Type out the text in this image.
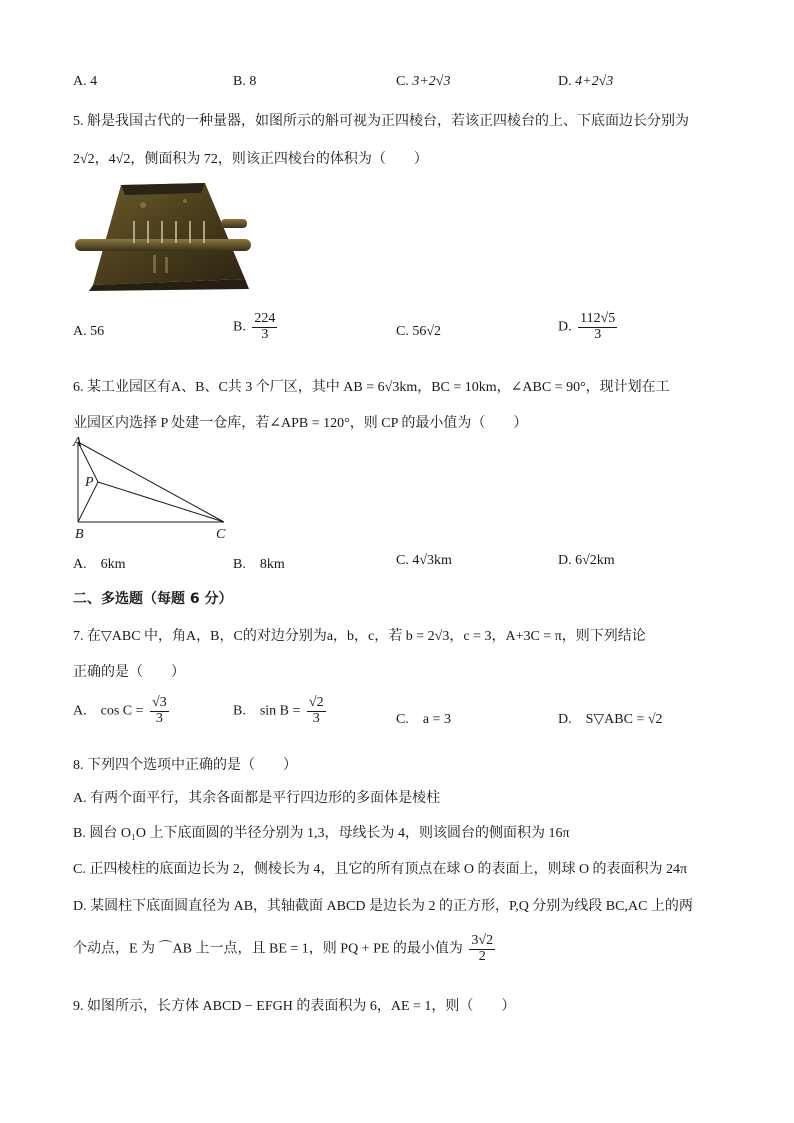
A. 4	B. 8	C. 3+2√3	D. 4+2√3
5. 斛是我国古代的一种量器，如图所示的斛可视为正四棱台，若该正四棱台的上、下底面边长分别为
2√2，4√2，侧面积为 72，则该正四棱台的体积为（　　）
A. 56	B. $\frac{224}{3}$	C. 56√2	D. $\frac{112√5}{3}$
6. 某工业园区有A、B、C共 3 个厂区，其中 AB = 6√3km，BC = 10km，∠ABC = 90°，现计划在工
业园区内选择 P 处建一仓库，若∠APB = 120°，则 CP 的最小值为（　　）
A
P
B	C
A.　6km	B.　8km	C. 4√3km	D. 6√2km
二、多选题（每题 6 分）
7. 在▽ABC 中，角A，B，C的对边分别为a，b，c，若 b = 2√3，c = 3，A+3C = π，则下列结论
正确的是（　　）
A.　$\cos C = \frac{√3}{3}$	B.　$\sin B = \frac{√2}{3}$	C.　a = 3	D.　S▽ABC = √2
8. 下列四个选项中正确的是（　　）
A. 有两个面平行，其余各面都是平行四边形的多面体是棱柱
B. 圆台 O₁O 上下底面圆的半径分别为 1,3，母线长为 4，则该圆台的侧面积为 16π
C. 正四棱柱的底面边长为 2，侧棱长为 4，且它的所有顶点在球 O 的表面上，则球 O 的表面积为 24π
D. 某圆柱下底面圆直径为 AB，其轴截面 ABCD 是边长为 2 的正方形，P,Q 分别为线段 BC,AC 上的两
个动点，E 为 ⌒AB 上一点，且 BE = 1，则 PQ + PE 的最小值为 $\frac{3√2}{2}$
9. 如图所示，长方体 ABCD − EFGH 的表面积为 6，AE = 1，则（　　）
